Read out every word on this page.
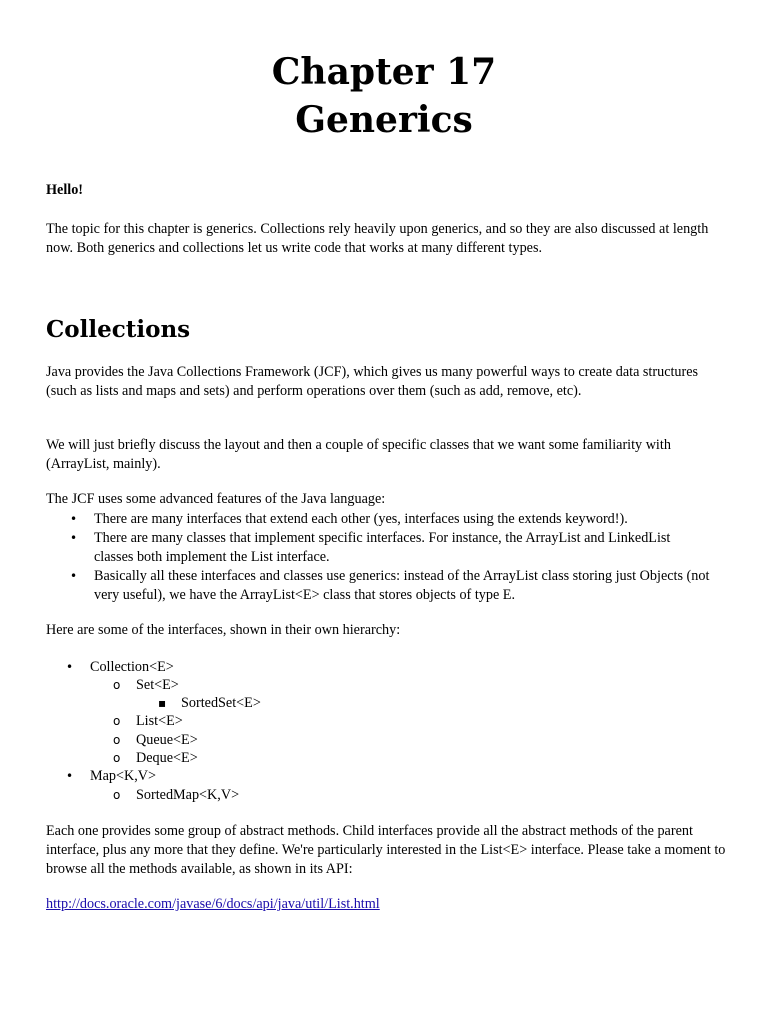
Chapter 17
Generics
Hello!

The topic for this chapter is generics. Collections rely heavily upon generics, and so they are also discussed at length now. Both generics and collections let us write code that works at many different types.

Collections

Java provides the Java Collections Framework (JCF), which gives us many powerful ways to create data structures (such as lists and maps and sets) and perform operations over them (such as add, remove, etc).

We will just briefly discuss the layout and then a couple of specific classes that we want some familiarity with (ArrayList, mainly).

The JCF uses some advanced features of the Java language:

• There are many interfaces that extend each other (yes, interfaces using the extends keyword!).
• There are many classes that implement specific interfaces. For instance, the ArrayList and LinkedList classes both implement the List interface.
• Basically all these interfaces and classes use generics: instead of the ArrayList class storing just Objects (not very useful), we have the ArrayList<E> class that stores objects of type E.

Here are some of the interfaces, shown in their own hierarchy:

• Collection<E>
o Set<E>
▪ SortedSet<E>
o List<E>
o Queue<E>
o Deque<E>
• Map<K,V>
o SortedMap<K,V>

Each one provides some group of abstract methods. Child interfaces provide all the abstract methods of the parent interface, plus any more that they define. We're particularly interested in the List<E> interface. Please take a moment to browse all the methods available, as shown in its API:

http://docs.oracle.com/javase/6/docs/api/java/util/List.html
